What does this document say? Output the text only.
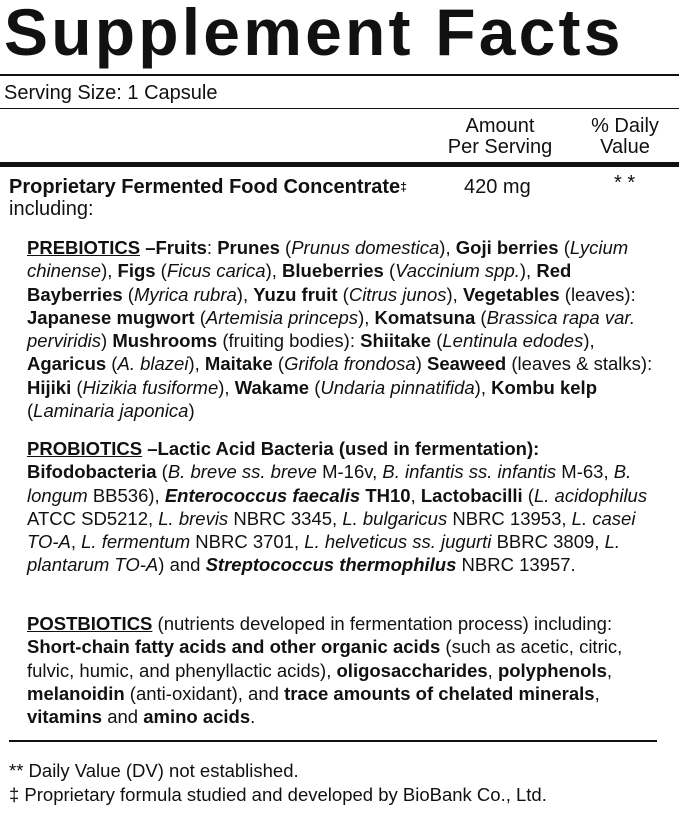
Supplement Facts
Serving Size: 1 Capsule
Amount
Per Serving
% Daily
Value
Proprietary Fermented Food Concentrate‡
including:
420 mg	* *
PREBIOTICS –Fruits: Prunes (Prunus domestica), Goji berries (Lycium chinense), Figs (Ficus carica), Blueberries (Vaccinium spp.), Red Bayberries (Myrica rubra), Yuzu fruit (Citrus junos), Vegetables (leaves): Japanese mugwort (Artemisia princeps), Komatsuna (Brassica rapa var. perviridis) Mushrooms (fruiting bodies): Shiitake (Lentinula edodes), Agaricus (A. blazei), Maitake (Grifola frondosa) Seaweed (leaves & stalks): Hijiki (Hizikia fusiforme), Wakame (Undaria pinnatifida), Kombu kelp (Laminaria japonica)
PROBIOTICS –Lactic Acid Bacteria (used in fermentation):
Bifodobacteria (B. breve ss. breve M-16v, B. infantis ss. infantis M-63, B. longum BB536), Enterococcus faecalis TH10, Lactobacilli (L. acidophilus ATCC SD5212, L. brevis NBRC 3345, L. bulgaricus NBRC 13953, L. casei TO-A, L. fermentum NBRC 3701, L. helveticus ss. jugurti BBRC 3809, L. plantarum TO-A) and Streptococcus thermophilus NBRC 13957.
POSTBIOTICS (nutrients developed in fermentation process) including: Short-chain fatty acids and other organic acids (such as acetic, citric, fulvic, humic, and phenyllactic acids), oligosaccharides, polyphenols, melanoidin (anti-oxidant), and trace amounts of chelated minerals, vitamins and amino acids.
** Daily Value (DV) not established.
‡ Proprietary formula studied and developed by BioBank Co., Ltd.
